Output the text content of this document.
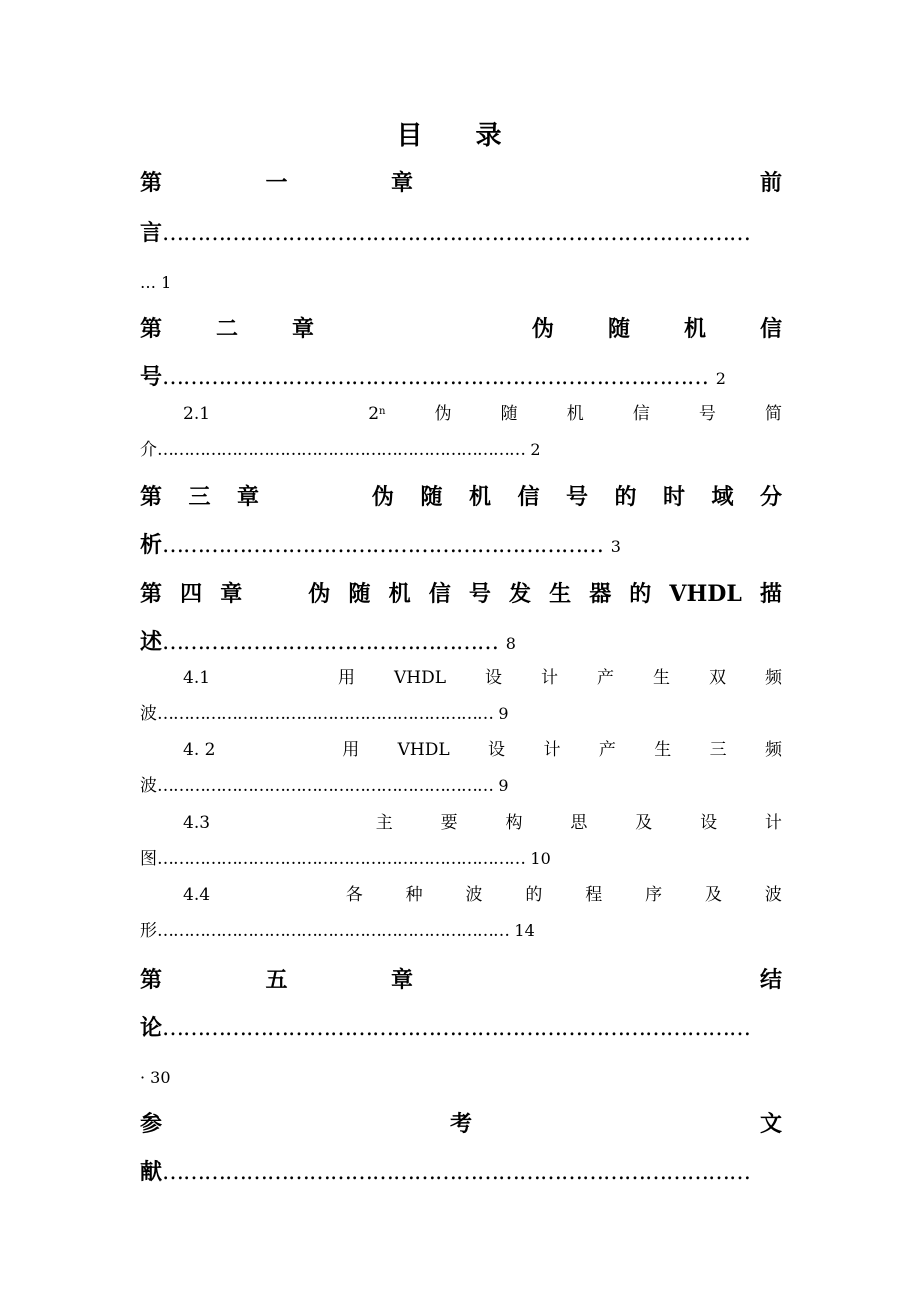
目 录
第	一	章	前
言…………………………………………………………………………
… 1
第 二 章	伪 随 机 信
号…………………………………………………………………… 2
2.1	2$^n$	伪	随	机	信	号	简
介…………………………………………………………… 2
第 三 章	伪 随 机 信 号 的 时 域 分
析……………………………………………………… 3
第 四 章	伪 随 机 信 号 发 生 器 的 VHDL 描
述………………………………………… 8
4.1	用 VHDL 设 计 产 生 双 频
波……………………………………………………… 9
4. 2	用 VHDL 设 计 产 生 三 频
波……………………………………………………… 9
4.3	主	要	构	思	及	设	计
图…………………………………………………………… 10
4.4	各	种	波	的	程	序	及	波
形………………………………………………………… 14
第	五	章	结
论…………………………………………………………………………
· 30
参	考	文
献…………………………………………………………………………
